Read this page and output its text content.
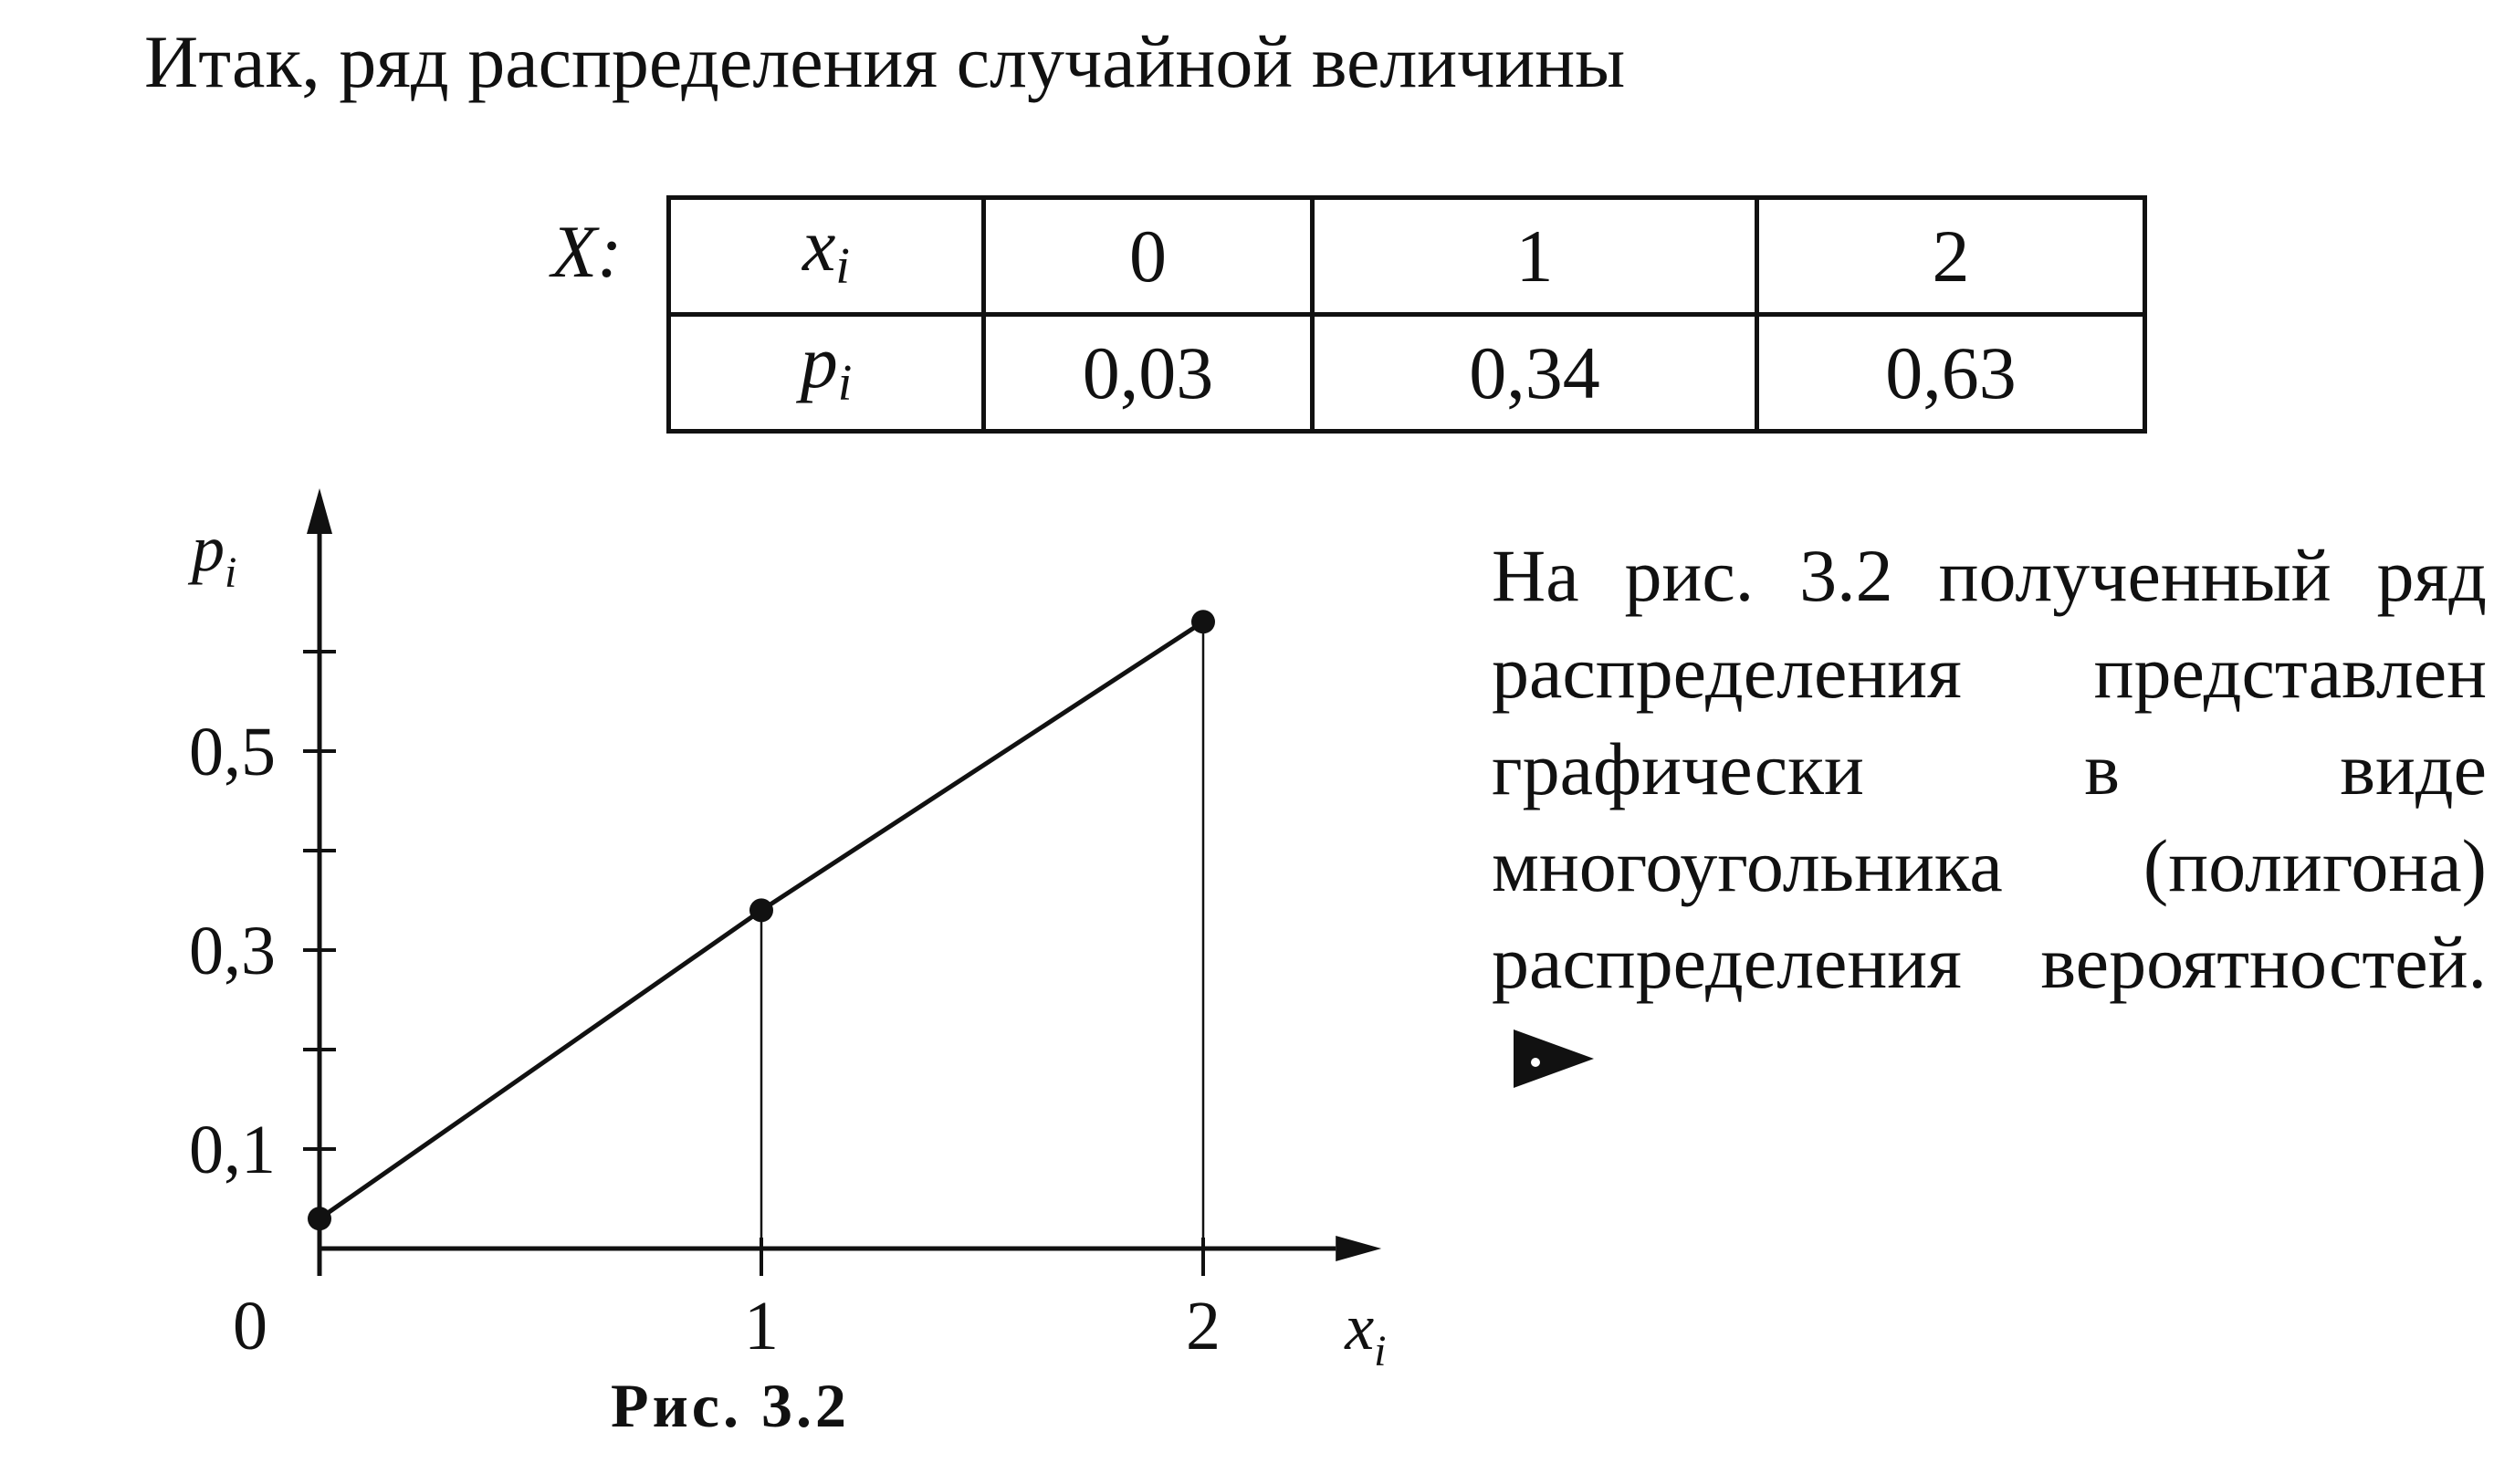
Итак, ряд распределения случайной величины
X: $x_i$	0	1	2
$p_i$	0,03	0,34	0,63
На рис. 3.2 полученный ряд распределения представлен графически в виде многоугольника (полигона) распределения вероятностей.
0,1
0,3
0,5
1	2
0
$p_i$
$x_i$
Рис. 3.2
